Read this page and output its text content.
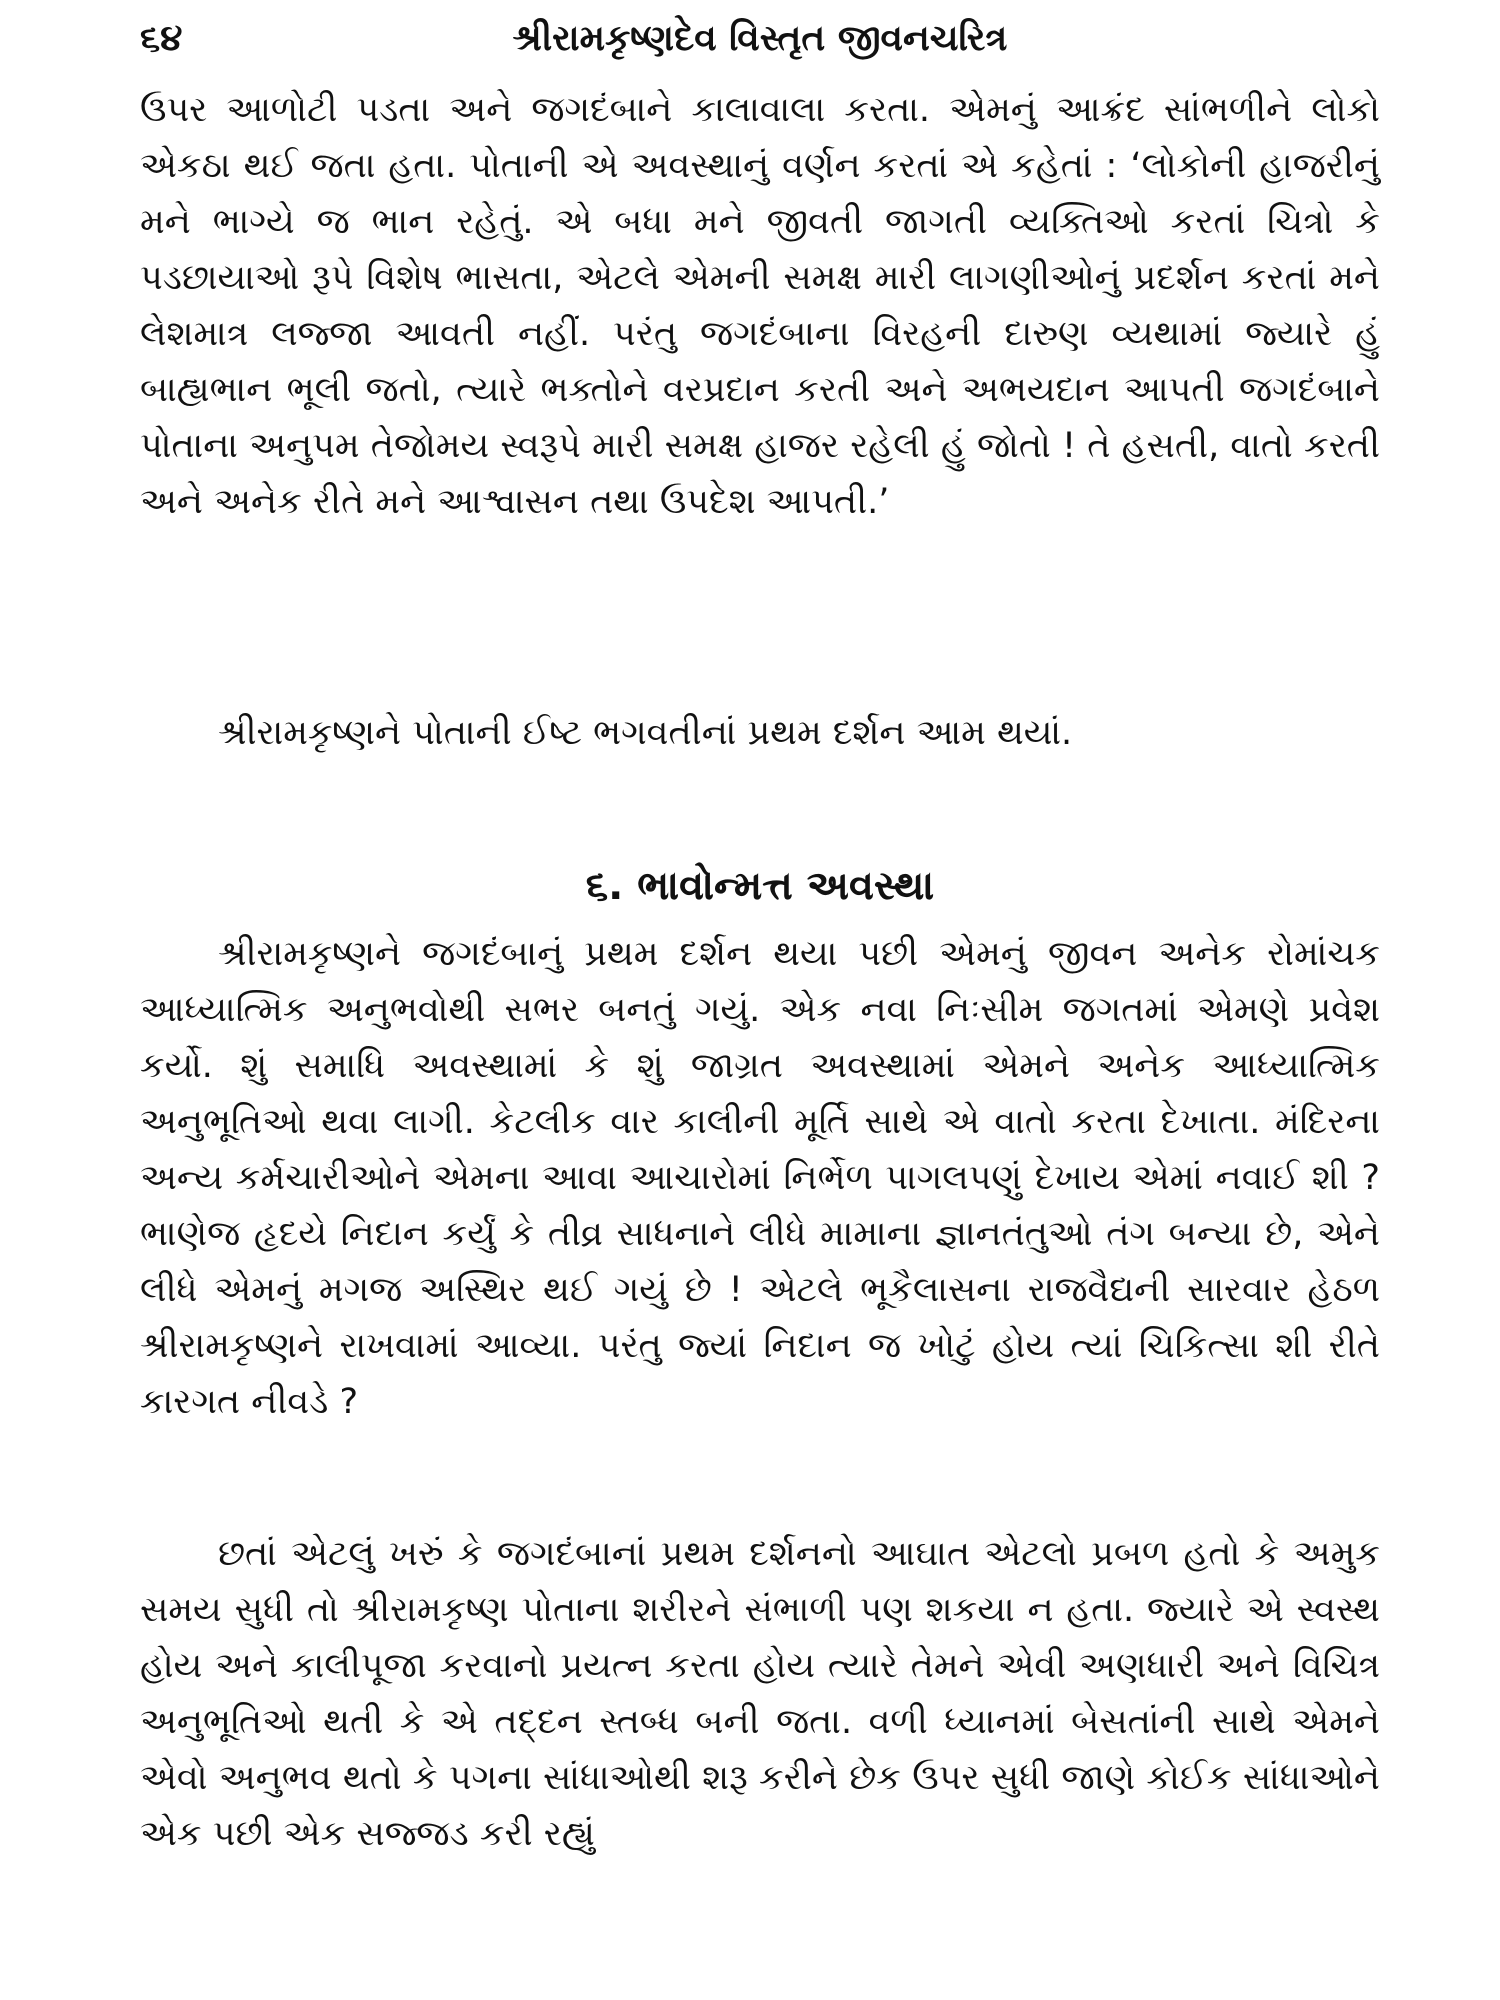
૬૪	શ્રીરામકૃષ્ણદેવ વિસ્તૃત જીવનચરિત્ર

ઉપર આળોટી પડતા અને જગદંબાને કાલાવાલા કરતા. એમનું આક્રંદ સાંભળીને લોકો એકઠા થઈ જતા હતા. પોતાની એ અવસ્થાનું વર્ણન કરતાં એ કહેતાં : ‘લોકોની હાજરીનું મને ભાગ્યે જ ભાન રહેતું. એ બધા મને જીવતી જાગતી વ્યક્તિઓ કરતાં ચિત્રો કે પડછાયાઓ રૂપે વિશેષ ભાસતા, એટલે એમની સમક્ષ મારી લાગણીઓનું પ્રદર્શન કરતાં મને લેશમાત્ર લજ્જા આવતી નહીં. પરંતુ જગદંબાના વિરહની દારુણ વ્યથામાં જ્યારે હું બાહ્યભાન ભૂલી જતો, ત્યારે ભક્તોને વરપ્રદાન કરતી અને અભયદાન આપતી જગદંબાને પોતાના અનુપમ તેજોમય સ્વરૂપે મારી સમક્ષ હાજર રહેલી હું જોતો ! તે હસતી, વાતો કરતી અને અનેક રીતે મને આશ્વાસન તથા ઉપદેશ આપતી.’

શ્રીરામકૃષ્ણને પોતાની ઈષ્ટ ભગવતીનાં પ્રથમ દર્શન આમ થયાં.

૬. ભાવોન્મત્ત અવસ્થા

શ્રીરામકૃષ્ણને જગદંબાનું પ્રથમ દર્શન થયા પછી એમનું જીવન અનેક રોમાંચક આધ્યાત્મિક અનુભવોથી સભર બનતું ગયું. એક નવા નિઃસીમ જગતમાં એમણે પ્રવેશ કર્યો. શું સમાધિ અવસ્થામાં કે શું જાગ્રત અવસ્થામાં એમને અનેક આધ્યાત્મિક અનુભૂતિઓ થવા લાગી. કેટલીક વાર કાલીની મૂર્તિ સાથે એ વાતો કરતા દેખાતા. મંદિરના અન્ય કર્મચારીઓને એમના આવા આચારોમાં નિર્ભેળ પાગલપણું દેખાય એમાં નવાઈ શી ? ભાણેજ હૃદયે નિદાન કર્યું કે તીવ્ર સાધનાને લીધે મામાના જ્ઞાનતંતુઓ તંગ બન્યા છે, એને લીધે એમનું મગજ અસ્થિર થઈ ગયું છે ! એટલે ભૂકૈલાસના રાજવૈદ્યની સારવાર હેઠળ શ્રીરામકૃષ્ણને રાખવામાં આવ્યા. પરંતુ જ્યાં નિદાન જ ખોટું હોય ત્યાં ચિકિત્સા શી રીતે કારગત નીવડે ?

છતાં એટલું ખરું કે જગદંબાનાં પ્રથમ દર્શનનો આઘાત એટલો પ્રબળ હતો કે અમુક સમય સુધી તો શ્રીરામકૃષ્ણ પોતાના શરીરને સંભાળી પણ શકયા ન હતા. જ્યારે એ સ્વસ્થ હોય અને કાલીપૂજા કરવાનો પ્રયત્ન કરતા હોય ત્યારે તેમને એવી અણધારી અને વિચિત્ર અનુભૂતિઓ થતી કે એ તદ્દન સ્તબ્ધ બની જતા. વળી ધ્યાનમાં બેસતાંની સાથે એમને એવો અનુભવ થતો કે પગના સાંધાઓથી શરૂ કરીને છેક ઉપર સુધી જાણે કોઈક સાંધાઓને એક પછી એક સજ્જડ કરી રહ્યું
